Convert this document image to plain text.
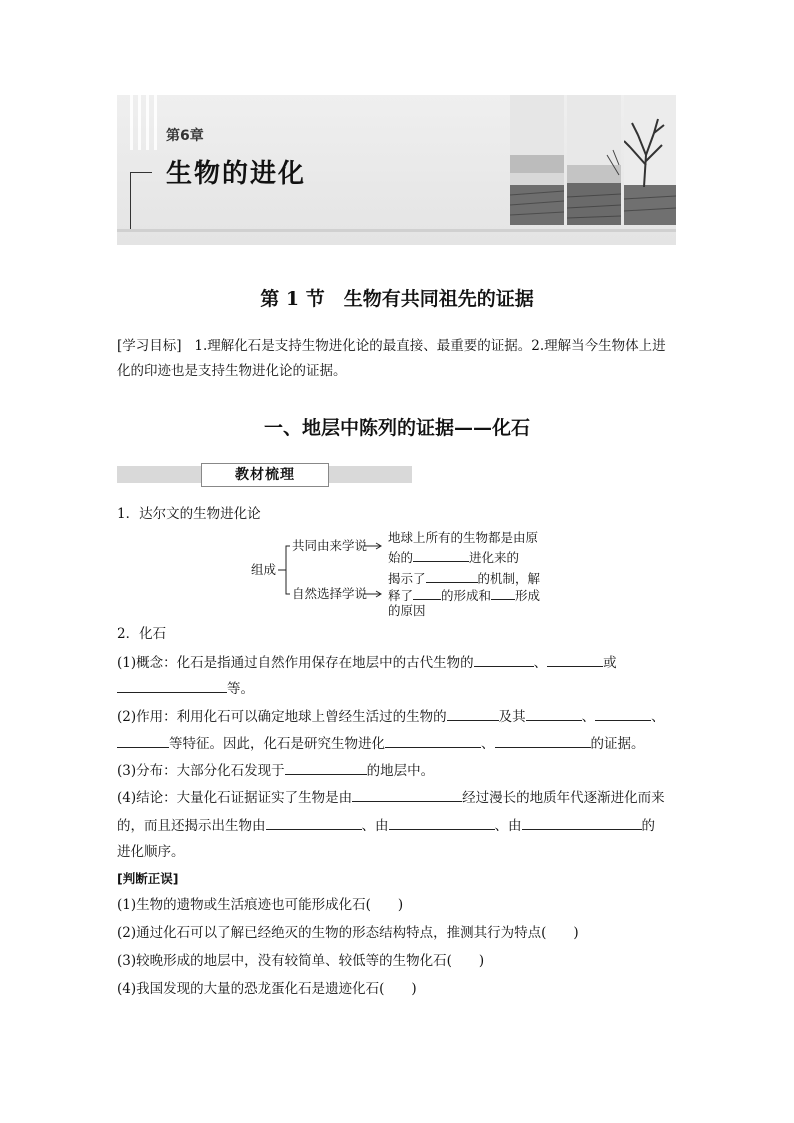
第6章
生物的进化
第 1 节　生物有共同祖先的证据
[学习目标] 1.理解化石是支持生物进化论的最直接、最重要的证据。2.理解当今生物体上进
化的印迹也是支持生物进化论的证据。
一、地层中陈列的证据——化石
教材梳理
1．达尔文的生物进化论
组成
共同由来学说
自然选择学说
地球上所有的生物都是由原
始的	进化来的
揭示了	的机制，解
释了 的形成和 形成
的原因
2．化石
(1)概念：化石是指通过自然作用保存在地层中的古代生物的	、	或
等。
(2)作用：利用化石可以确定地球上曾经生活过的生物的	及其	、	、
等特征。因此，化石是研究生物进化	、	的证据。
(3)分布：大部分化石发现于	的地层中。
(4)结论：大量化石证据证实了生物是由	经过漫长的地质年代逐渐进化而来
的，而且还揭示出生物由	、由	、由	的
进化顺序。
[判断正误]
(1)生物的遗物或生活痕迹也可能形成化石(　　)
(2)通过化石可以了解已经绝灭的生物的形态结构特点，推测其行为特点(　　)
(3)较晚形成的地层中，没有较简单、较低等的生物化石(　　)
(4)我国发现的大量的恐龙蛋化石是遗迹化石(　　)
